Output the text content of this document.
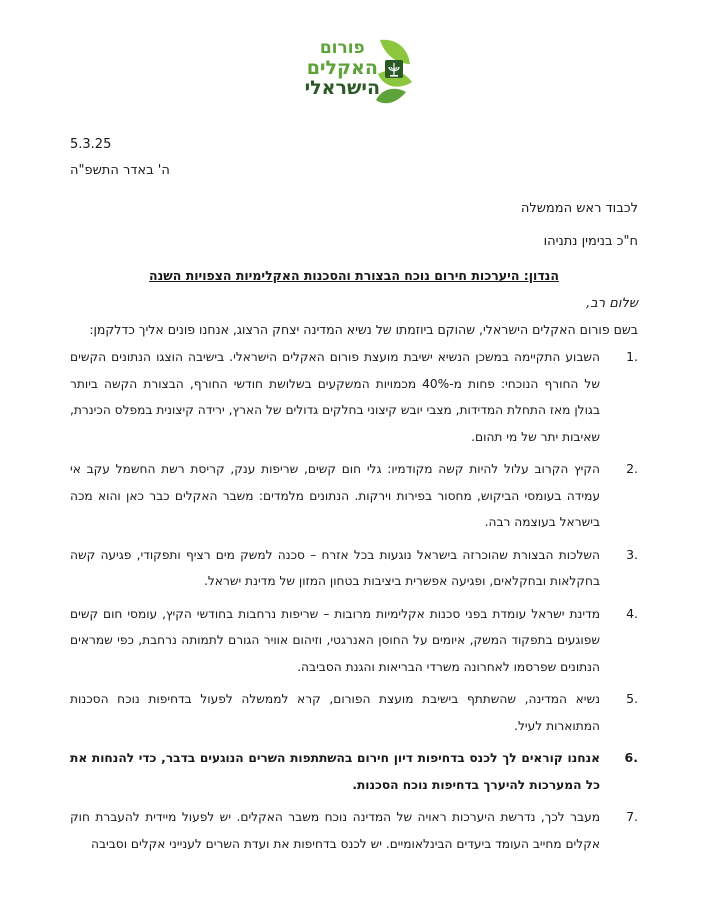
פורום
האקלים
הישראלי
5.3.25
ה' באדר התשפ"ה
לכבוד ראש הממשלה
ח"כ בנימין נתניהו
הנדון: היערכות חירום נוכח הבצורת והסכנות האקלימיות הצפויות השנה
שלום רב,
בשם פורום האקלים הישראלי, שהוקם ביוזמתו של נשיא המדינה יצחק הרצוג, אנחנו פונים אליך כדלקמן:
1.
השבוע התקיימה במשכן הנשיא ישיבת מועצת פורום האקלים הישראלי. בישיבה הוצגו הנתונים הקשים של החורף הנוכחי: פחות מ-40% מכמויות המשקעים בשלושת חודשי החורף, הבצורת הקשה ביותר בגולן מאז התחלת המדידות, מצבי יובש קיצוני בחלקים גדולים של הארץ, ירידה קיצונית במפלס הכינרת, שאיבות יתר של מי תהום.
2.
הקיץ הקרוב עלול להיות קשה מקודמיו: גלי חום קשים, שריפות ענק, קריסת רשת החשמל עקב אי עמידה בעומסי הביקוש, מחסור בפירות וירקות. הנתונים מלמדים: משבר האקלים כבר כאן והוא מכה בישראל בעוצמה רבה.
3.
השלכות הבצורת שהוכרזה בישראל נוגעות בכל אזרח – סכנה למשק מים רציף ותפקודי, פגיעה קשה בחקלאות ובחקלאים, ופגיעה אפשרית ביציבות בטחון המזון של מדינת ישראל.
4.
מדינת ישראל עומדת בפני סכנות אקלימיות מרובות – שריפות נרחבות בחודשי הקיץ, עומסי חום קשים שפוגעים בתפקוד המשק, איומים על החוסן האנרגטי, וזיהום אוויר הגורם לתמותה נרחבת, כפי שמראים הנתונים שפרסמו לאחרונה משרדי הבריאות והגנת הסביבה.
5.
נשיא המדינה, שהשתתף בישיבת מועצת הפורום, קרא לממשלה לפעול בדחיפות נוכח הסכנות המתוארות לעיל.
6.
אנחנו קוראים לך לכנס בדחיפות דיון חירום בהשתתפות השרים הנוגעים בדבר, כדי להנחות את כל המערכות להיערך בדחיפות נוכח הסכנות.
7.
מעבר לכך, נדרשת היערכות ראויה של המדינה נוכח משבר האקלים. יש לפעול מיידית להעברת חוק אקלים מחייב העומד ביעדים הבינלאומיים. יש לכנס בדחיפות את ועדת השרים לענייני אקלים וסביבה
